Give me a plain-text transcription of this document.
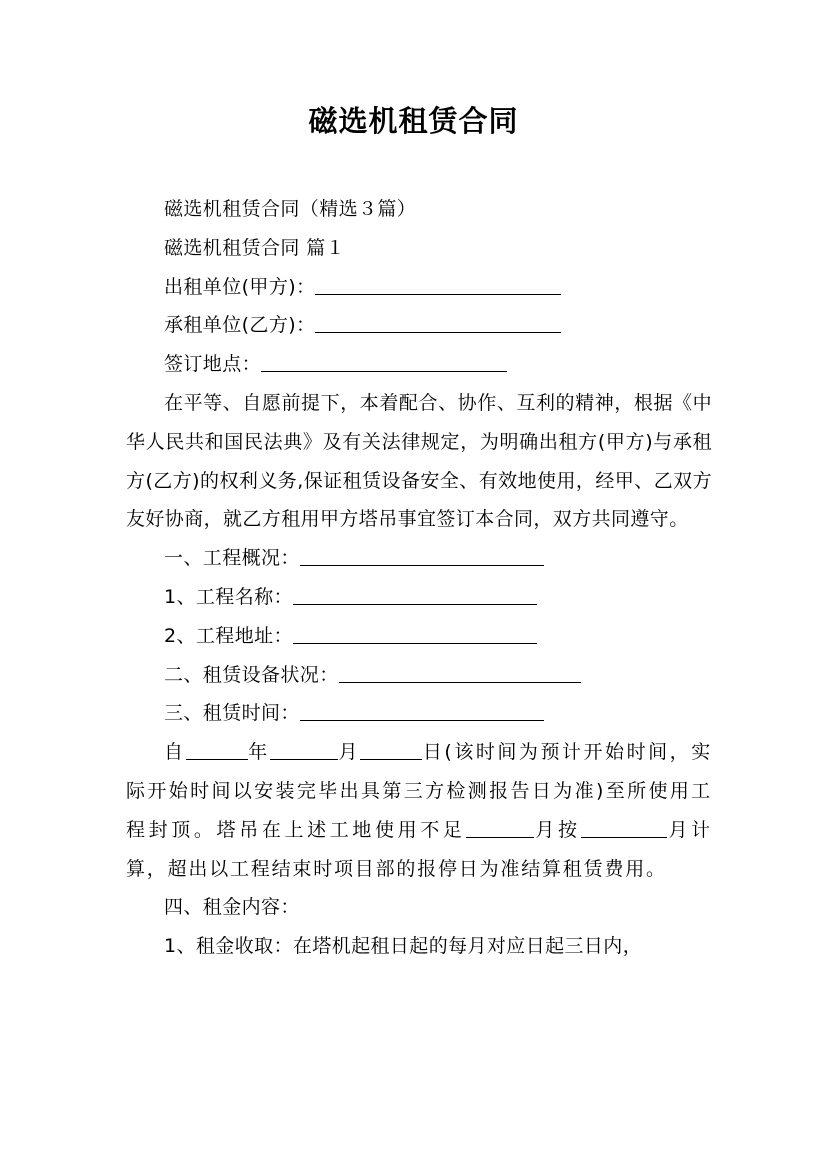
磁选机租赁合同

磁选机租赁合同（精选３篇）

磁选机租赁合同 篇１

出租单位(甲方)：

承租单位(乙方)：

签订地点：

在平等、自愿前提下，本着配合、协作、互利的精神，根据《中华人民共和国民法典》及有关法律规定，为明确出租方(甲方)与承租方(乙方)的权利义务,保证租赁设备安全、有效地使用，经甲、乙双方友好协商，就乙方租用甲方塔吊事宜签订本合同，双方共同遵守。

一、工程概况：

1、工程名称：

2、工程地址：

二、租赁设备状况：

三、租赁时间：

自	年	月	日(该时间为预计开始时间，实际开始时间以安装完毕出具第三方检测报告日为准)至所使用工程封顶。塔吊在上述工地使用不足	月按	月计算，超出以工程结束时项目部的报停日为准结算租赁费用。

四、租金内容：

1、租金收取：在塔机起租日起的每月对应日起三日内，
